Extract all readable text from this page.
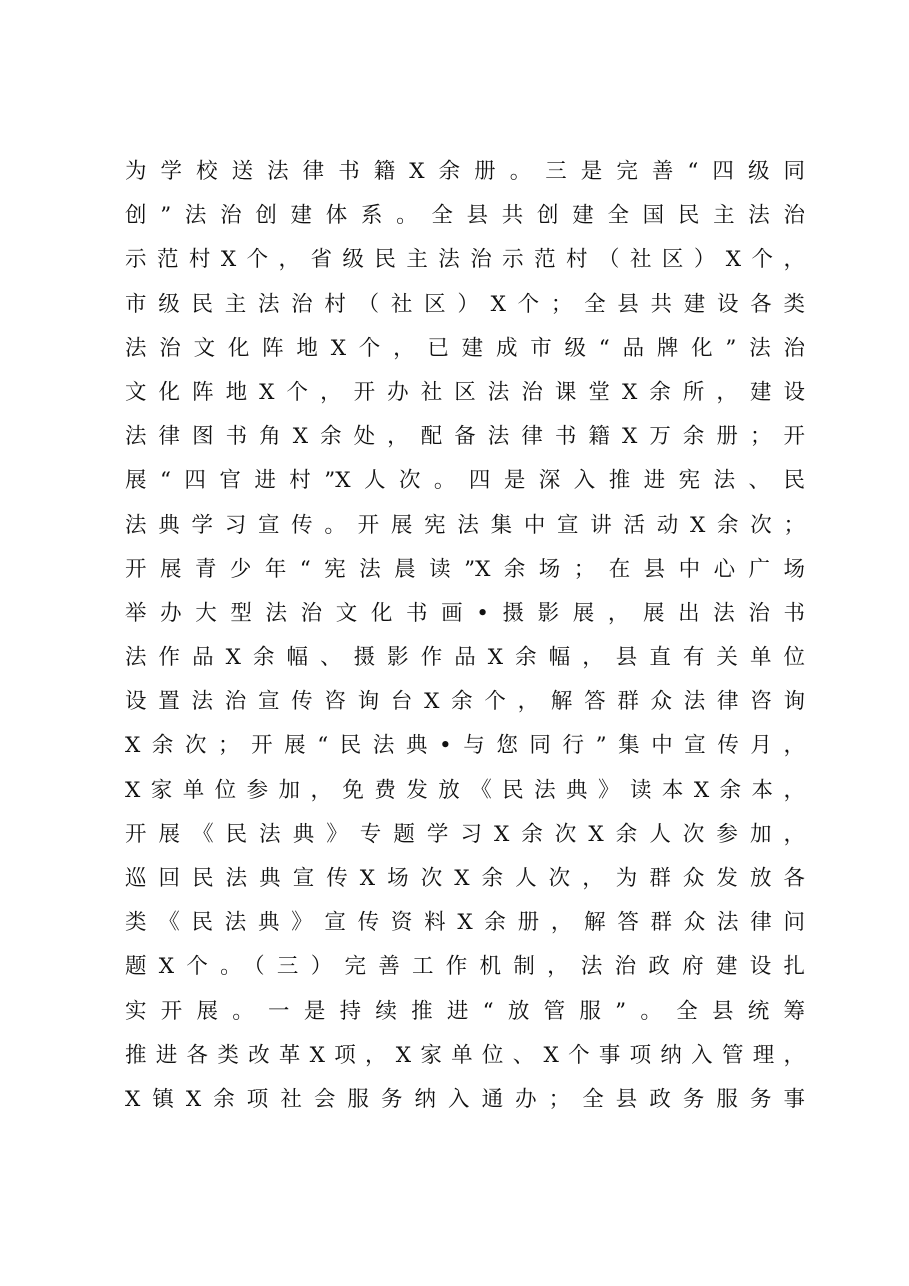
为学校送法律书籍X余册。三是完善“四级同
创”法治创建体系。全县共创建全国民主法治
示范村X个，省级民主法治示范村（社区）X个，
市级民主法治村（社区）X个；全县共建设各类
法治文化阵地X个，已建成市级“品牌化”法治
文化阵地X个，开办社区法治课堂X余所，建设
法律图书角X余处，配备法律书籍X万余册；开
展“四官进村”X人次。四是深入推进宪法、民
法典学习宣传。开展宪法集中宣讲活动X余次；
开展青少年“宪法晨读”X余场；在县中心广场
举办大型法治文化书画•摄影展，展出法治书
法作品X余幅、摄影作品X余幅，县直有关单位
设置法治宣传咨询台X余个，解答群众法律咨询
X余次；开展“民法典•与您同行”集中宣传月，
X家单位参加，免费发放《民法典》读本X余本，
开展《民法典》专题学习X余次X余人次参加，
巡回民法典宣传X场次X余人次，为群众发放各
类《民法典》宣传资料X余册，解答群众法律问
题X个。（三）完善工作机制，法治政府建设扎
实开展。一是持续推进“放管服”。全县统筹
推进各类改革X项，X家单位、X个事项纳入管理，
X镇X余项社会服务纳入通办；全县政务服务事
